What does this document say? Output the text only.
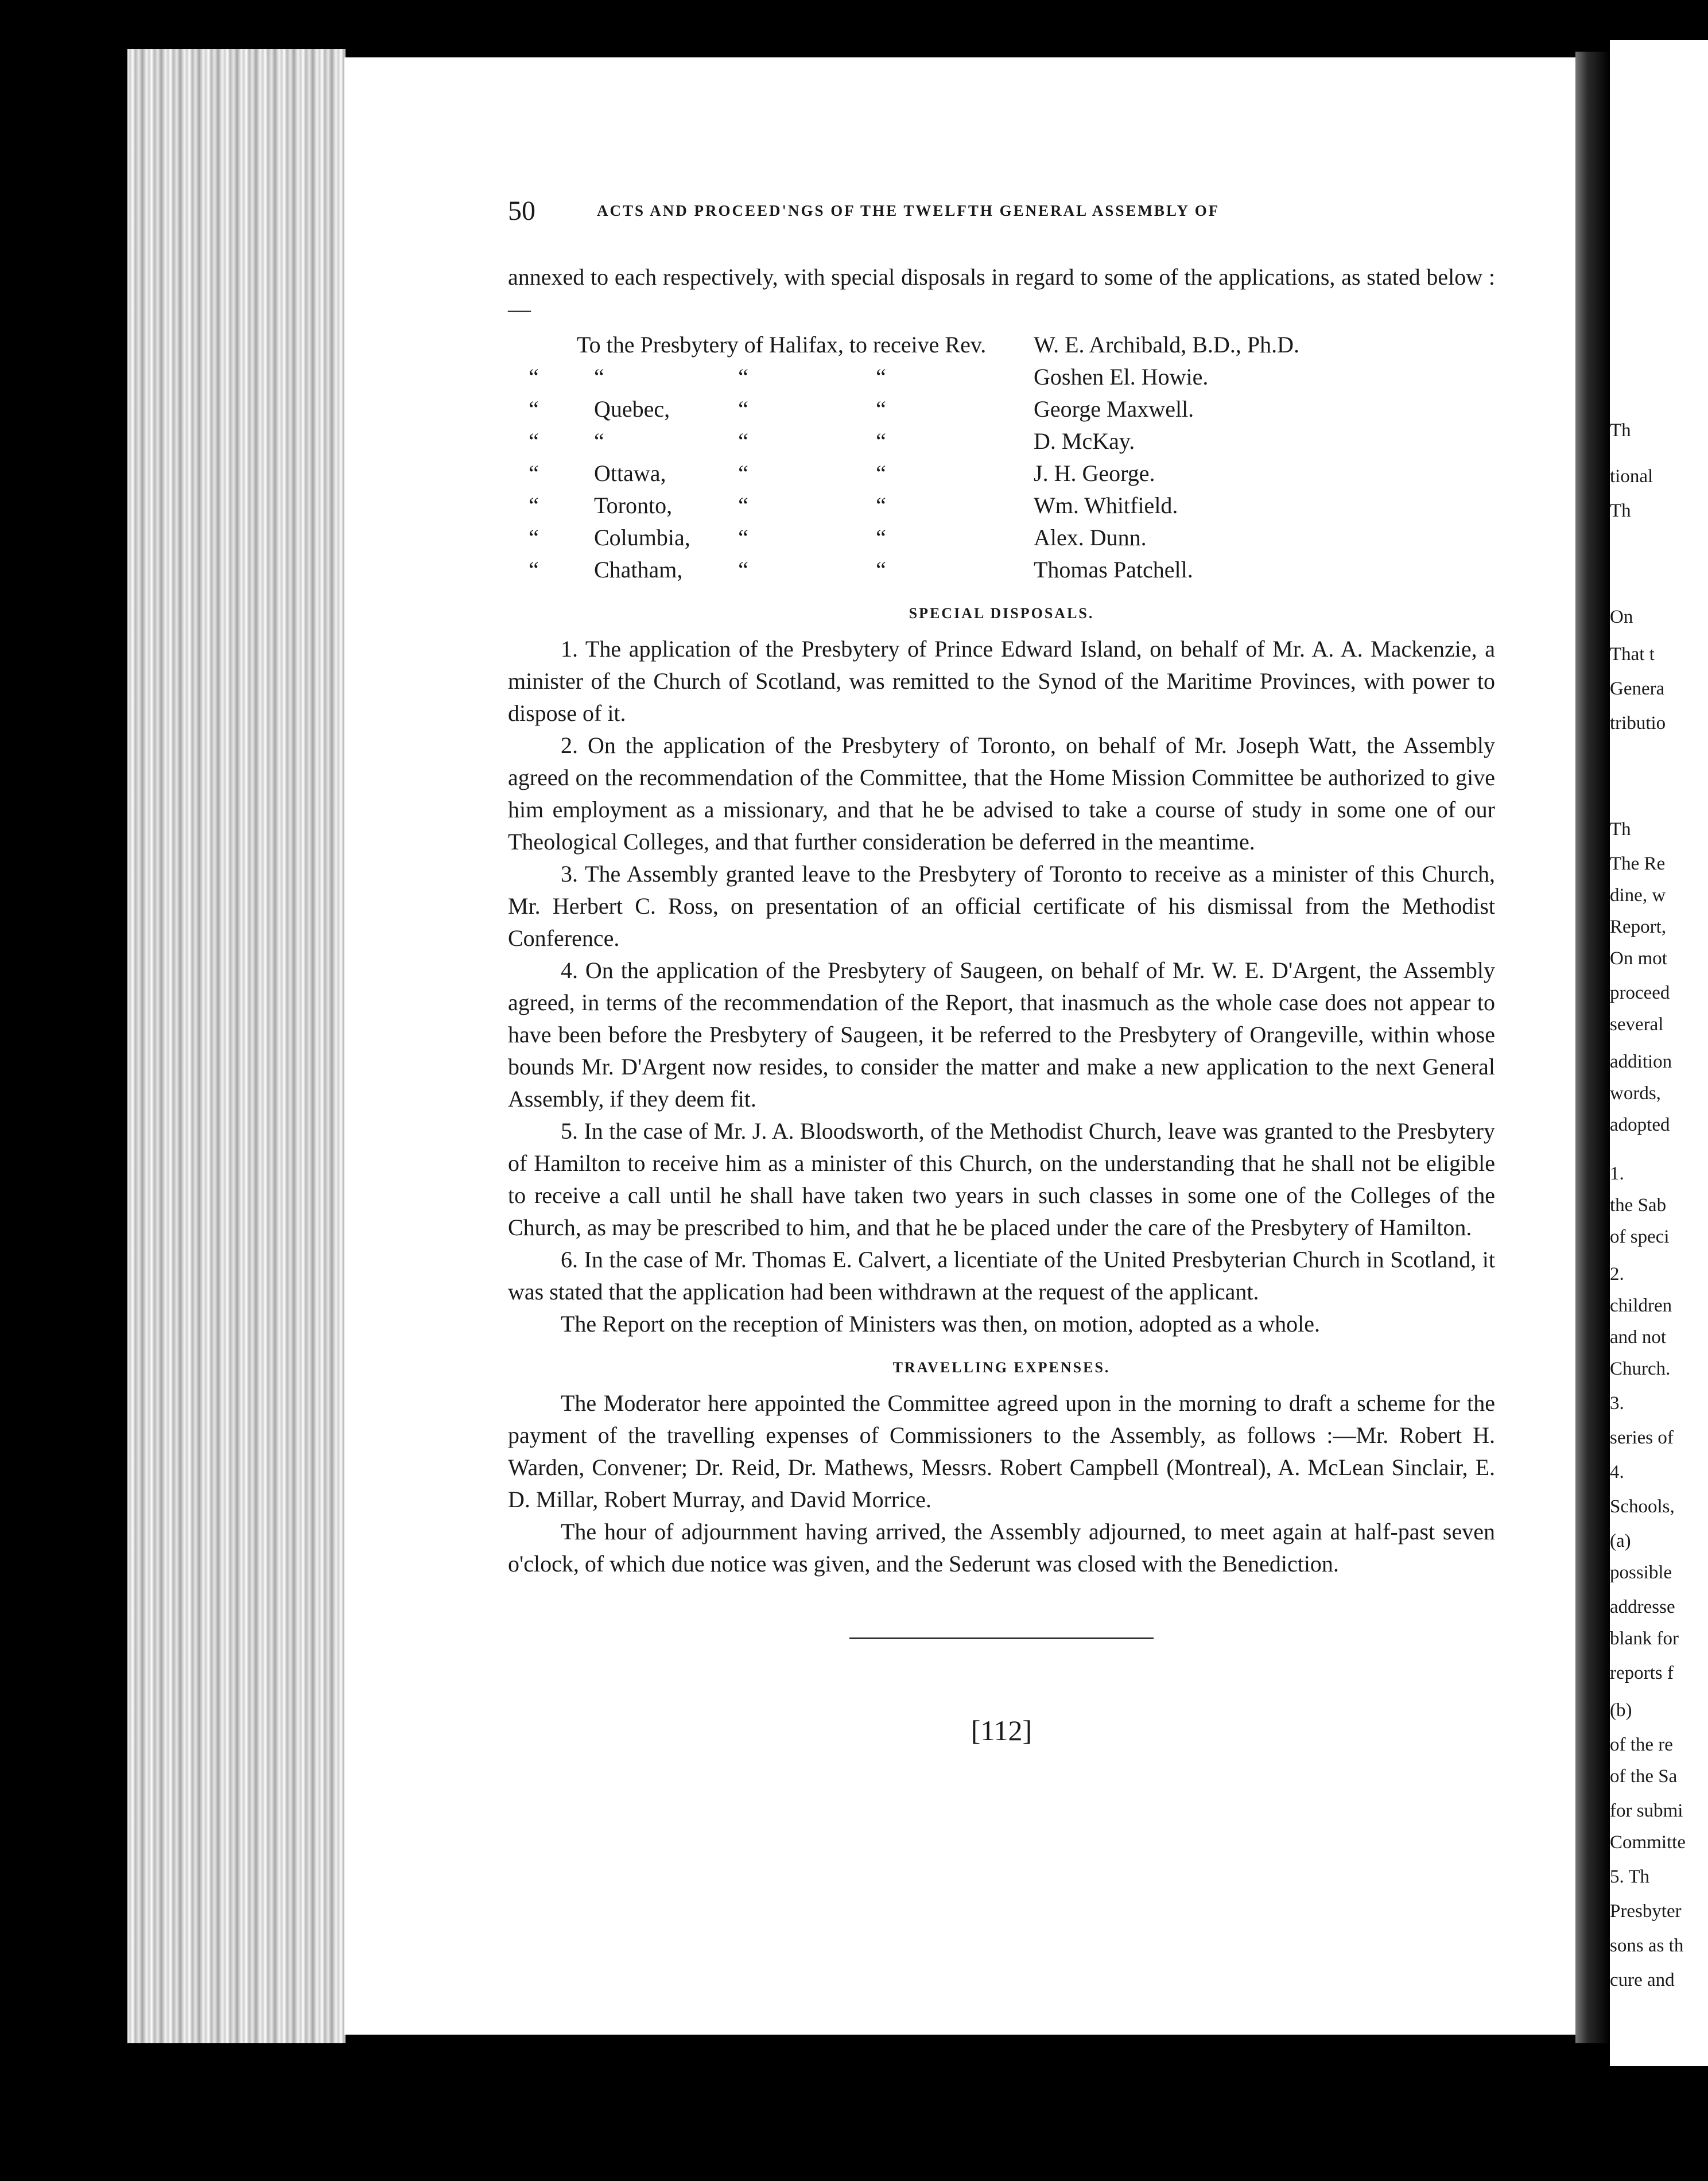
50	ACTS AND PROCEED'NGS OF THE TWELFTH GENERAL ASSEMBLY OF

annexed to each respectively, with special disposals in regard to some of the applications, as stated below :—

To the Presbytery of Halifax, to receive Rev.	W. E. Archibald, B.D., Ph.D.
“	“	“	“	Goshen El. Howie.
“	Quebec,	“	“	George Maxwell.
“	“	“	“	D. McKay.
“	Ottawa,	“	“	J. H. George.
“	Toronto,	“	“	Wm. Whitfield.
“	Columbia,	“	“	Alex. Dunn.
“	Chatham,	“	“	Thomas Patchell.
SPECIAL DISPOSALS.

1. The application of the Presbytery of Prince Edward Island, on behalf of Mr. A. A. Mackenzie, a minister of the Church of Scotland, was remitted to the Synod of the Maritime Provinces, with power to dispose of it.

2. On the application of the Presbytery of Toronto, on behalf of Mr. Joseph Watt, the Assembly agreed on the recommendation of the Committee, that the Home Mission Committee be authorized to give him employment as a missionary, and that he be advised to take a course of study in some one of our Theological Colleges, and that further consideration be deferred in the meantime.

3. The Assembly granted leave to the Presbytery of Toronto to receive as a minister of this Church, Mr. Herbert C. Ross, on presentation of an official certificate of his dismissal from the Methodist Conference.

4. On the application of the Presbytery of Saugeen, on behalf of Mr. W. E. D'Argent, the Assembly agreed, in terms of the recommendation of the Report, that inasmuch as the whole case does not appear to have been before the Presbytery of Saugeen, it be referred to the Presbytery of Orangeville, within whose bounds Mr. D'Argent now resides, to consider the matter and make a new application to the next General Assembly, if they deem fit.

5. In the case of Mr. J. A. Bloodsworth, of the Methodist Church, leave was granted to the Presbytery of Hamilton to receive him as a minister of this Church, on the understanding that he shall not be eligible to receive a call until he shall have taken two years in such classes in some one of the Colleges of the Church, as may be prescribed to him, and that he be placed under the care of the Presbytery of Hamilton.

6. In the case of Mr. Thomas E. Calvert, a licentiate of the United Presbyterian Church in Scotland, it was stated that the application had been withdrawn at the request of the applicant.

The Report on the reception of Ministers was then, on motion, adopted as a whole.

TRAVELLING EXPENSES.

The Moderator here appointed the Committee agreed upon in the morning to draft a scheme for the payment of the travelling expenses of Commissioners to the Assembly, as follows :—Mr. Robert H. Warden, Convener; Dr. Reid, Dr. Mathews, Messrs. Robert Campbell (Montreal), A. McLean Sinclair, E. D. Millar, Robert Murray, and David Morrice.

The hour of adjournment having arrived, the Assembly adjourned, to meet again at half-past seven o'clock, of which due notice was given, and the Sederunt was closed with the Benediction.

[112]
Th
tional
Th
On
That t
Genera
tributio
Th
The Re
dine, w
Report,
On mot
proceed
several
addition
words,
adopted
1.
the Sab
of speci
2.
children
and not
Church.
3.
series of
4.
Schools,
(a)
possible
addresse
blank for
reports f
(b)
of the re
of the Sa
for submi
Committe
5. Th
Presbyter
sons as th
cure and
